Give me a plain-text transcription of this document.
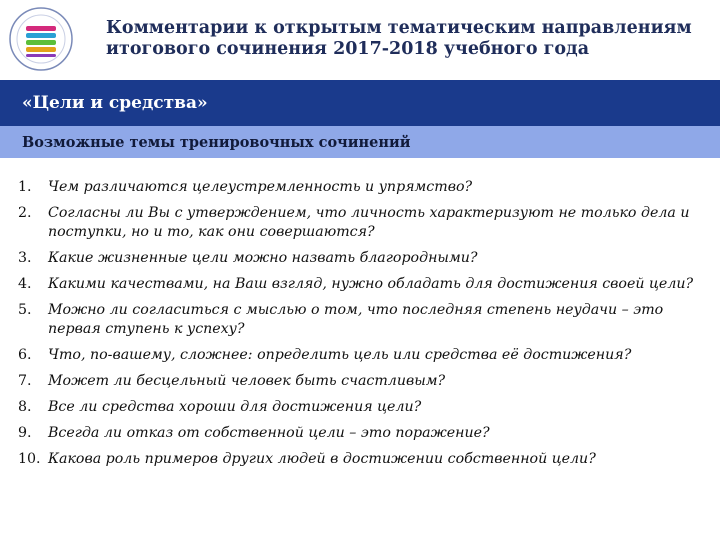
Комментарии к открытым тематическим направлениям
итогового сочинения 2017-2018 учебного года
«Цели и средства»
Возможные темы тренировочных сочинений
1.	Чем различаются целеустремленность и упрямство?
2.	Согласны ли Вы с утверждением, что личность характеризуют не только дела и поступки, но и то, как они совершаются?
3.	Какие жизненные цели можно назвать благородными?
4.	Какими качествами, на Ваш взгляд, нужно обладать для достижения своей цели?
5.	Можно ли согласиться с мыслью о том, что последняя степень неудачи – это первая ступень к успеху?
6.	Что, по-вашему, сложнее: определить цель или средства её достижения?
7.	Может ли бесцельный человек быть счастливым?
8.	Все ли средства хороши для достижения цели?
9.	Всегда ли отказ от собственной цели – это поражение?
10. Какова роль примеров других людей в достижении собственной цели?
